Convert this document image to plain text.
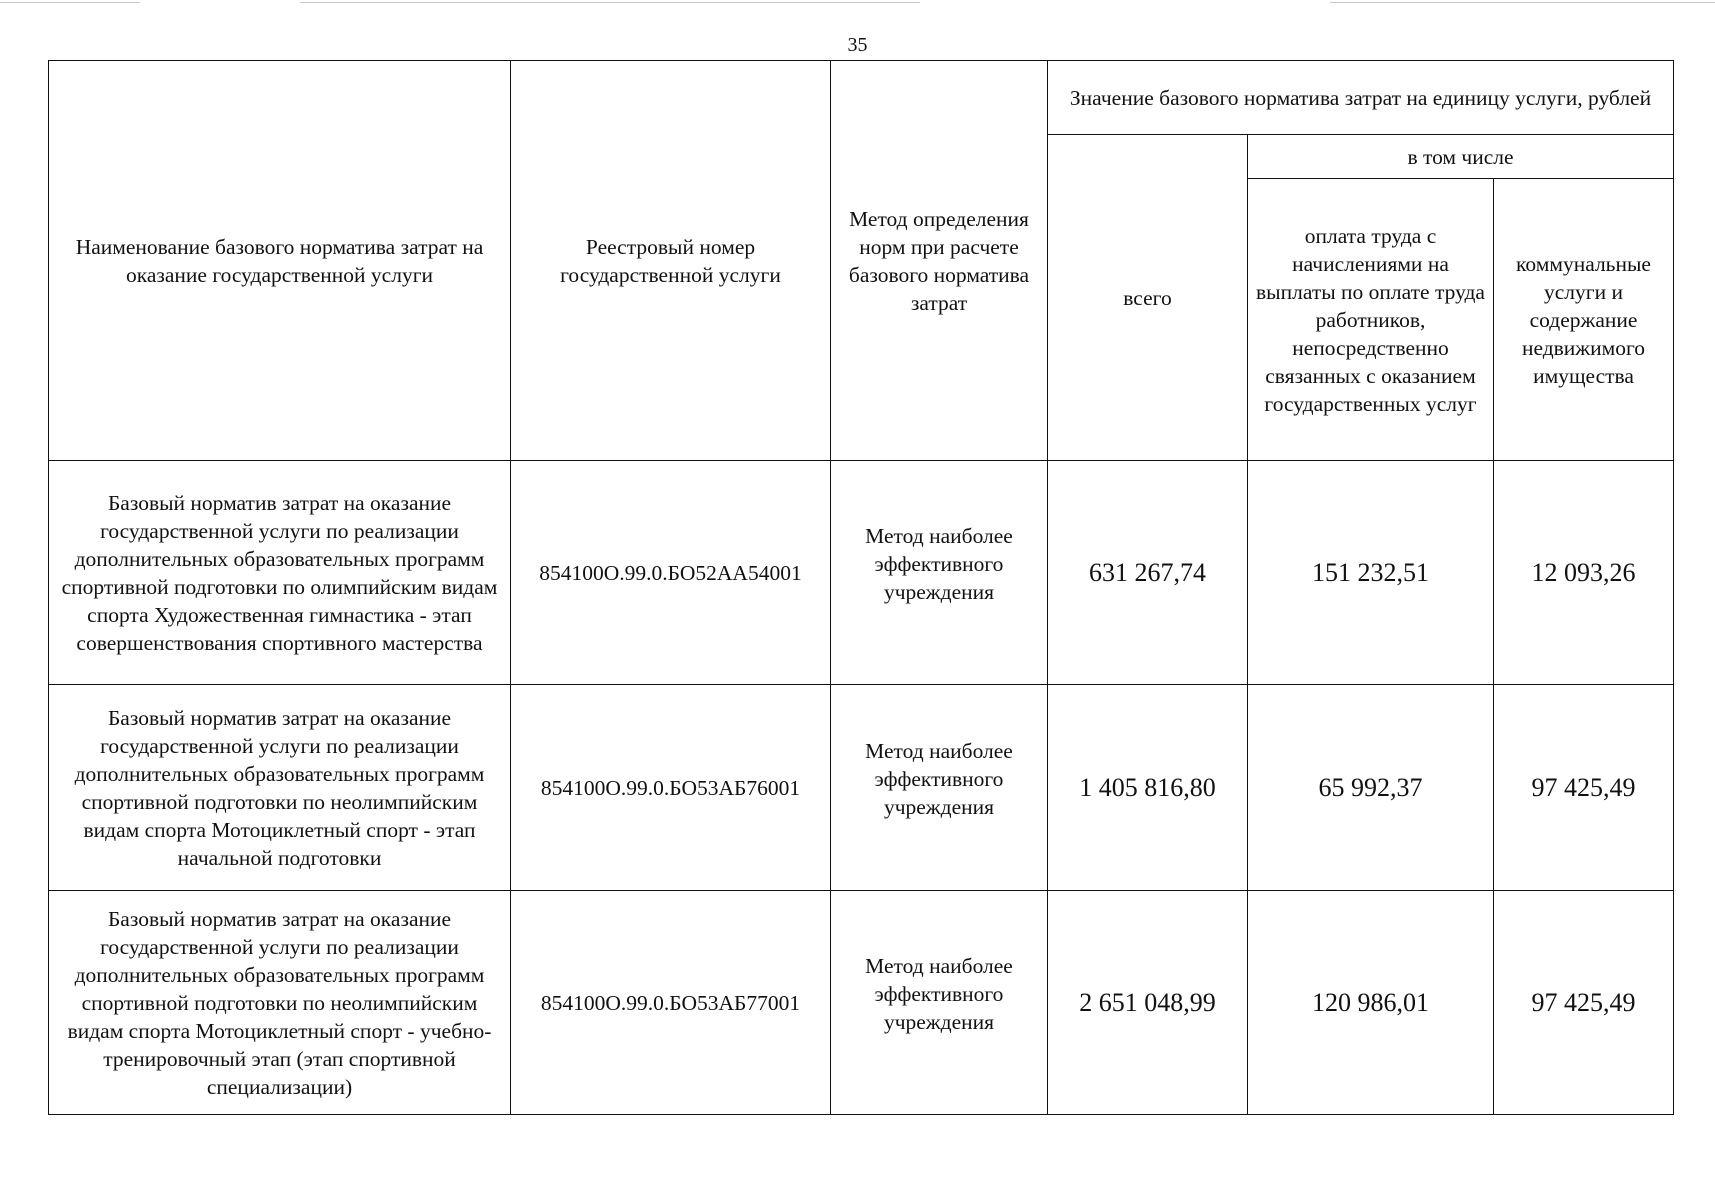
35
Наименование базового норматива затрат на оказание государственной услуги	Реестровый номер государственной услуги	Метод определения норм при расчете базового норматива затрат	Значение базового норматива затрат на единицу услуги, рублей		
			всего	в том числе	
				оплата труда с начислениями на выплаты по оплате труда работников, непосредственно связанных с оказанием государственных услуг	коммунальные услуги и содержание недвижимого имущества
Базовый норматив затрат на оказание государственной услуги по реализации дополнительных образовательных программ спортивной подготовки по олимпийским видам спорта Художественная гимнастика - этап совершенствования спортивного мастерства	854100О.99.0.БО52АА54001	Метод наиболее эффективного учреждения	631 267,74	151 232,51	12 093,26
Базовый норматив затрат на оказание государственной услуги по реализации дополнительных образовательных программ спортивной подготовки по неолимпийским видам спорта Мотоциклетный спорт - этап начальной подготовки	854100О.99.0.БО53АБ76001	Метод наиболее эффективного учреждения	1 405 816,80	65 992,37	97 425,49
Базовый норматив затрат на оказание государственной услуги по реализации дополнительных образовательных программ спортивной подготовки по неолимпийским видам спорта Мотоциклетный спорт - учебно-тренировочный этап (этап спортивной специализации)	854100О.99.0.БО53АБ77001	Метод наиболее эффективного учреждения	2 651 048,99	120 986,01	97 425,49
